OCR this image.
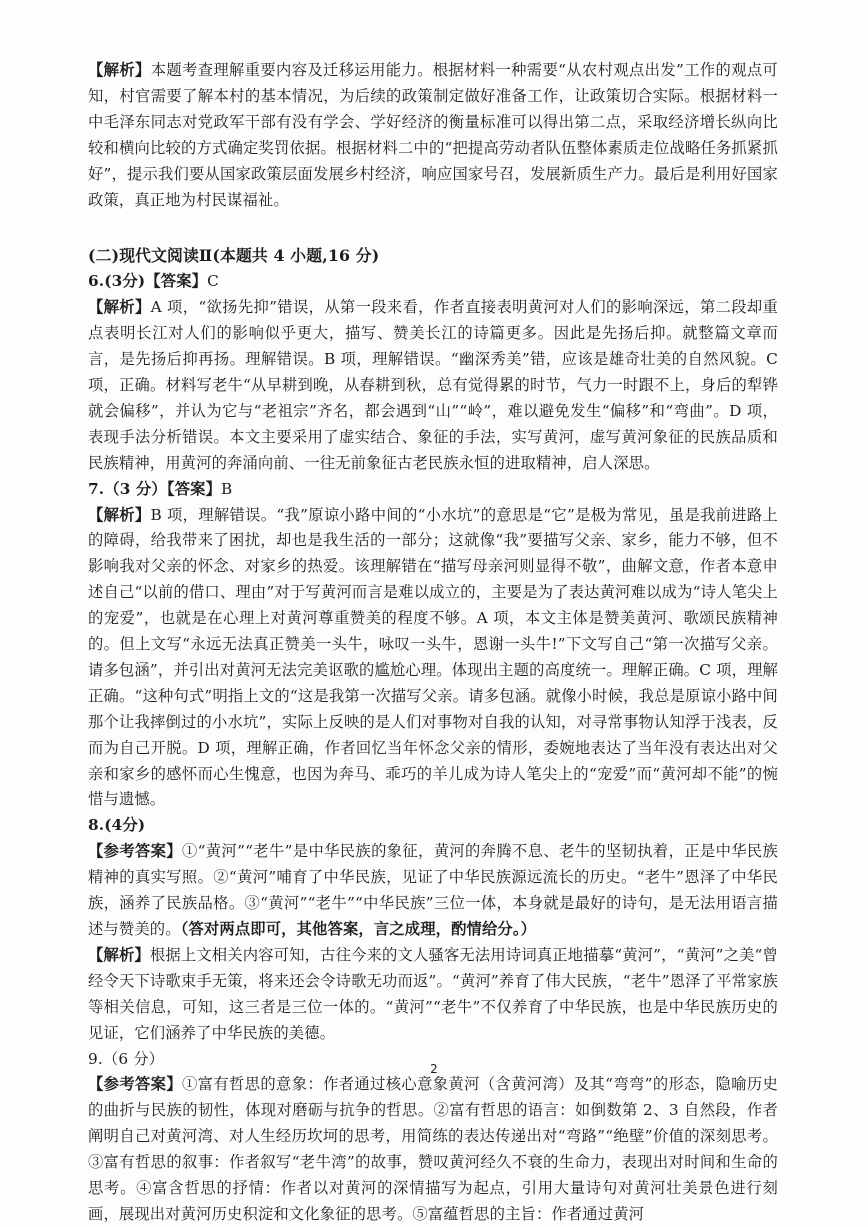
【解析】本题考查理解重要内容及迁移运用能力。根据材料一种需要“从农村观点出发”工作的观点可知，村官需要了解本村的基本情况，为后续的政策制定做好准备工作，让政策切合实际。根据材料一中毛泽东同志对党政军干部有没有学会、学好经济的衡量标准可以得出第二点，采取经济增长纵向比较和横向比较的方式确定奖罚依据。根据材料二中的“把提高劳动者队伍整体素质走位战略任务抓紧抓好”，提示我们要从国家政策层面发展乡村经济，响应国家号召，发展新质生产力。最后是利用好国家政策，真正地为村民谋福祉。

(二)现代文阅读Ⅱ(本题共 4 小题,16 分)

6.(3分)【答案】C

【解析】A 项，“欲扬先抑”错误，从第一段来看，作者直接表明黄河对人们的影响深远，第二段却重点表明长江对人们的影响似乎更大，描写、赞美长江的诗篇更多。因此是先扬后抑。就整篇文章而言，是先扬后抑再扬。理解错误。B 项，理解错误。“幽深秀美”错，应该是雄奇壮美的自然风貌。C 项，正确。材料写老牛“从早耕到晚，从春耕到秋，总有觉得累的时节，气力一时跟不上，身后的犁铧就会偏移”，并认为它与“老祖宗”齐名，都会遇到“山”“岭”，难以避免发生“偏移”和“弯曲”。D 项，表现手法分析错误。本文主要采用了虚实结合、象征的手法，实写黄河，虚写黄河象征的民族品质和民族精神，用黄河的奔涌向前、一往无前象征古老民族永恒的进取精神，启人深思。

7.（3 分）【答案】B

【解析】B 项，理解错误。“我”原谅小路中间的“小水坑”的意思是“它”是极为常见，虽是我前进路上的障碍，给我带来了困扰，却也是我生活的一部分；这就像“我”要描写父亲、家乡，能力不够，但不影响我对父亲的怀念、对家乡的热爱。该理解错在“描写母亲河则显得不敬”，曲解文意，作者本意申述自己“以前的借口、理由”对于写黄河而言是难以成立的，主要是为了表达黄河难以成为“诗人笔尖上的宠爱”，也就是在心理上对黄河尊重赞美的程度不够。A 项，本文主体是赞美黄河、歌颂民族精神的。但上文写“永远无法真正赞美一头牛，咏叹一头牛，恩谢一头牛!”下文写自己“第一次描写父亲。请多包涵”，并引出对黄河无法完美讴歌的尴尬心理。体现出主题的高度统一。理解正确。C 项，理解正确。“这种句式”明指上文的“这是我第一次描写父亲。请多包涵。就像小时候，我总是原谅小路中间那个让我摔倒过的小水坑”，实际上反映的是人们对事物对自我的认知，对寻常事物认知浮于浅表，反而为自己开脱。D 项，理解正确，作者回忆当年怀念父亲的情形，委婉地表达了当年没有表达出对父亲和家乡的感怀而心生愧意，也因为奔马、乖巧的羊儿成为诗人笔尖上的“宠爱”而“黄河却不能”的惋惜与遗憾。

8.(4分)

【参考答案】①“黄河”“老牛”是中华民族的象征，黄河的奔腾不息、老牛的坚韧执着，正是中华民族精神的真实写照。②“黄河”哺育了中华民族，见证了中华民族源远流长的历史。“老牛”恩泽了中华民族，涵养了民族品格。③“黄河”“老牛”“中华民族”三位一体，本身就是最好的诗句，是无法用语言描述与赞美的。（答对两点即可，其他答案，言之成理，酌情给分。）

【解析】根据上文相关内容可知，古往今来的文人骚客无法用诗词真正地描摹“黄河”，“黄河”之美“曾经令天下诗歌束手无策，将来还会令诗歌无功而返”。“黄河”养育了伟大民族，“老牛”恩泽了平常家族等相关信息，可知，这三者是三位一体的。“黄河”“老牛”不仅养育了中华民族，也是中华民族历史的见证，它们涵养了中华民族的美德。

9.（6 分）

【参考答案】①富有哲思的意象：作者通过核心意象黄河（含黄河湾）及其“弯弯”的形态，隐喻历史的曲折与民族的韧性，体现对磨砺与抗争的哲思。②富有哲思的语言：如倒数第 2、3 自然段，作者阐明自己对黄河湾、对人生经历坎坷的思考，用简练的表达传递出对“弯路”“绝壁”价值的深刻思考。③富有哲思的叙事：作者叙写“老牛湾”的故事，赞叹黄河经久不衰的生命力，表现出对时间和生命的思考。④富含哲思的抒情：作者以对黄河的深情描写为起点，引用大量诗句对黄河壮美景色进行刻画，展现出对黄河历史积淀和文化象征的思考。⑤富蕴哲思的主旨：作者通过黄河

2
